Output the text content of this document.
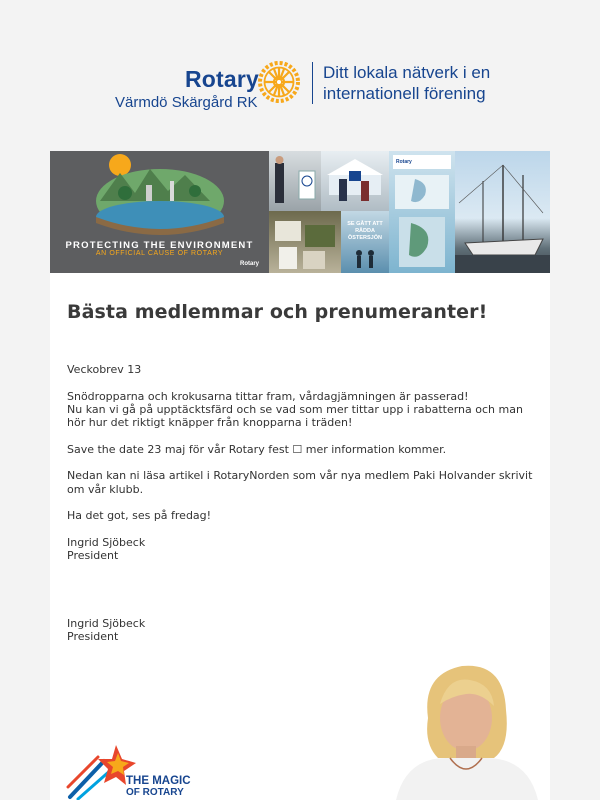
Rotary
Värmdö Skärgård RK
Ditt lokala nätverk i en
internationell förening
PROTECTING THE ENVIRONMENT
AN OFFICIAL CAUSE OF ROTARY
Rotary
SE GÅTT ATT RÄDDA ÖSTERSJÖN
Rotary
Bästa medlemmar och prenumeranter!

Veckobrev 13

Snödropparna och krokusarna tittar fram, vårdagjämningen är passerad!
Nu kan vi gå på upptäcktsfärd och se vad som mer tittar upp i rabatterna och man
hör hur det riktigt knäpper från knopparna i träden!

Save the date 23 maj för vår Rotary fest ☐ mer information kommer.

Nedan kan ni läsa artikel i RotaryNorden som vår nya medlem Paki Holvander skrivit
om vår klubb.

Ha det got, ses på fredag!

Ingrid Sjöbeck
President

Ingrid Sjöbeck
President

THE MAGIC
OF ROTARY
